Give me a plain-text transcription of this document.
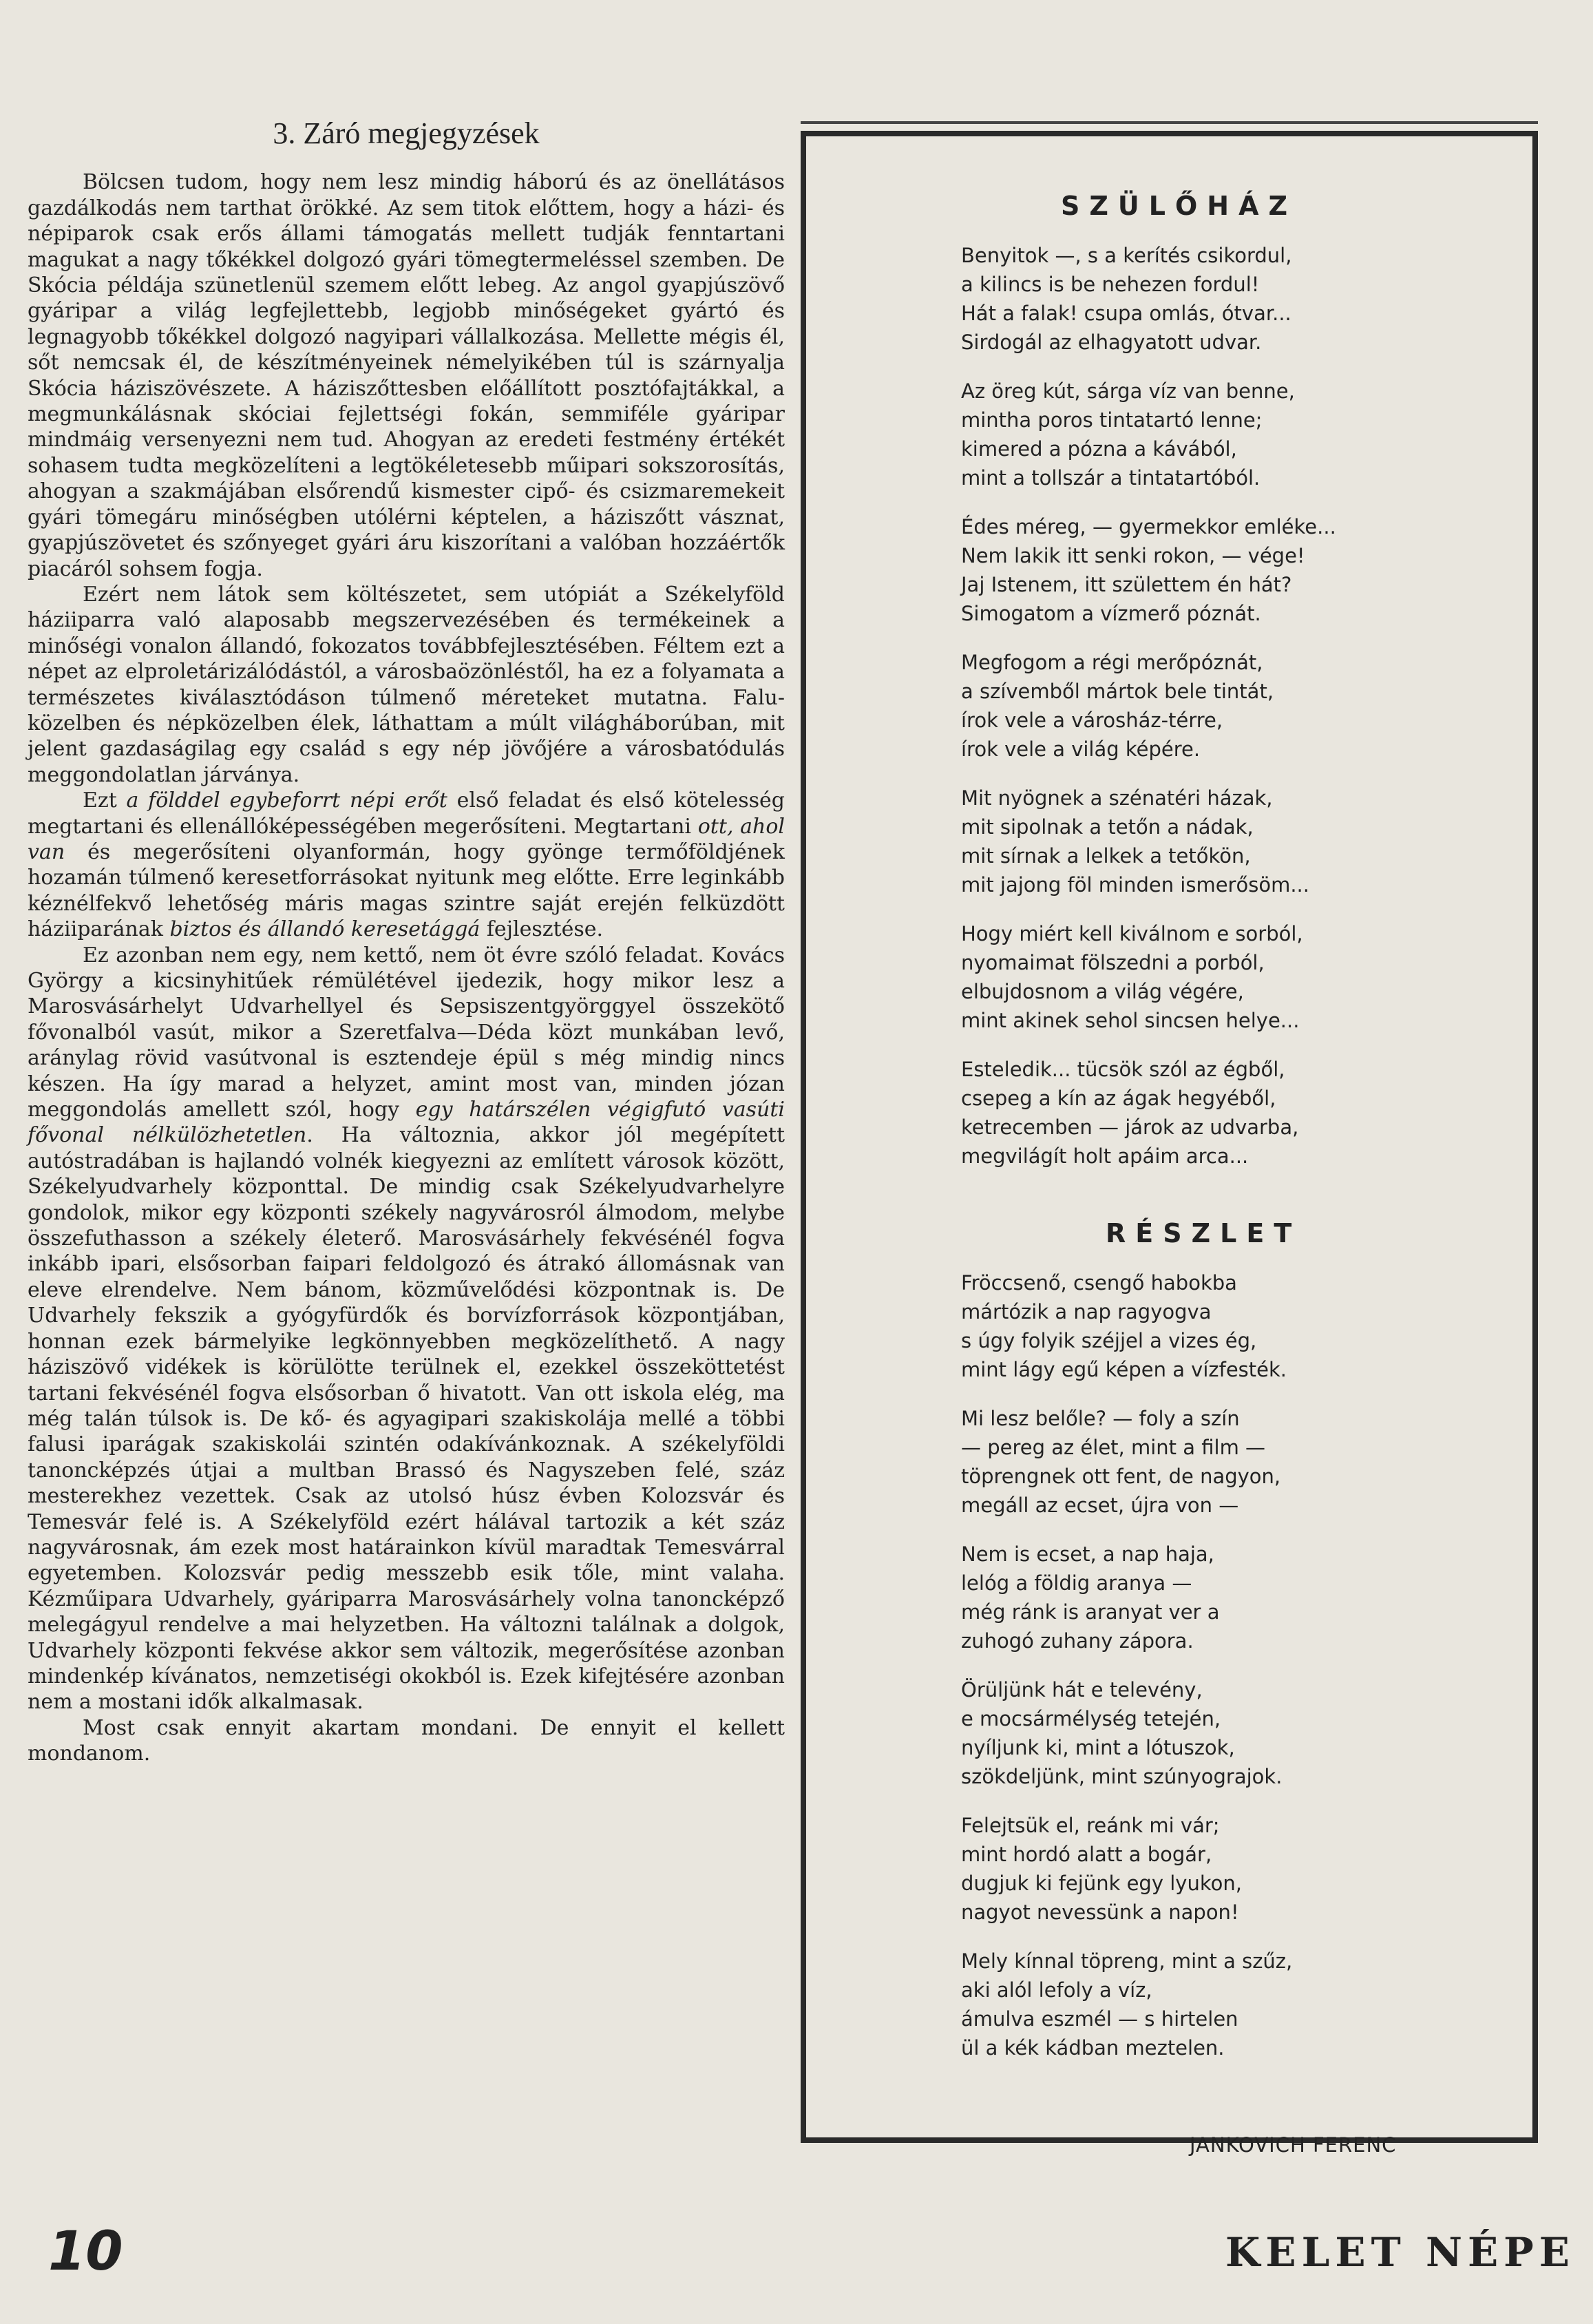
3. Záró megjegyzések

Bölcsen tudom, hogy nem lesz mindig háború és az önellátásos gazdálkodás nem tarthat örökké. Az sem titok előttem, hogy a házi- és népiparok csak erős állami támogatás mellett tudják fenntartani magukat a nagy tőkékkel dolgozó gyári tömegtermeléssel szemben. De Skócia példája szünetlenül szemem előtt lebeg. Az angol gyapjúszövő gyáripar a világ legfejlettebb, legjobb minőségeket gyártó és legnagyobb tőkékkel dolgozó nagyipari vállalkozása. Mellette mégis él, sőt nemcsak él, de készítményeinek némelyikében túl is szárnyalja Skócia háziszövészete. A háziszőttesben előállított posztófajtákkal, a megmunkálásnak skóciai fejlettségi fokán, semmiféle gyáripar mindmáig versenyezni nem tud. Ahogyan az eredeti festmény értékét sohasem tudta megközelíteni a legtökéletesebb műipari sokszorosítás, ahogyan a szakmájában elsőrendű kismester cipő- és csizmaremekeit gyári tömegáru minőségben utólérni képtelen, a háziszőtt vásznat, gyapjúszövetet és szőnyeget gyári áru kiszorítani a valóban hozzáértők piacáról sohsem fogja.

Ezért nem látok sem költészetet, sem utópiát a Székelyföld háziiparra való alaposabb megszervezésében és termékeinek a minőségi vonalon állandó, fokozatos továbbfejlesztésében. Féltem ezt a népet az elproletárizálódástól, a városbaözönléstől, ha ez a folyamata a természetes kiválasztódáson túlmenő méreteket mutatna. Falu-közelben és népközelben élek, láthattam a múlt világháborúban, mit jelent gazdaságilag egy család s egy nép jövőjére a városbatódulás meggondolatlan járványa.

Ezt a földdel egybeforrt népi erőt első feladat és első kötelesség megtartani és ellenállóképességében megerősíteni. Megtartani ott, ahol van és megerősíteni olyanformán, hogy gyönge termőföldjének hozamán túlmenő keresetforrásokat nyitunk meg előtte. Erre leginkább kéznélfekvő lehetőség máris magas szintre saját erején felküzdött háziiparának biztos és állandó keresetággá fejlesztése.

Ez azonban nem egy, nem kettő, nem öt évre szóló feladat. Kovács György a kicsinyhitűek rémülétével ijedezik, hogy mikor lesz a Marosvásárhelyt Udvarhellyel és Sepsiszentgyörggyel összekötő fővonalból vasút, mikor a Szeretfalva—Déda közt munkában levő, aránylag rövid vasútvonal is esztendeje épül s még mindig nincs készen. Ha így marad a helyzet, amint most van, minden józan meggondolás amellett szól, hogy egy határszélen végigfutó vasúti fővonal nélkülözhetetlen. Ha változnia, akkor jól megépített autóstradában is hajlandó volnék kiegyezni az említett városok között, Székelyudvarhely központtal. De mindig csak Székelyudvarhelyre gondolok, mikor egy központi székely nagyvárosról álmodom, melybe összefuthasson a székely életerő. Marosvásárhely fekvésénél fogva inkább ipari, elsősorban faipari feldolgozó és átrakó állomásnak van eleve elrendelve. Nem bánom, közművelődési központnak is. De Udvarhely fekszik a gyógyfürdők és borvízforrások központjában, honnan ezek bármelyike legkönnyebben megközelíthető. A nagy háziszövő vidékek is körülötte terülnek el, ezekkel összeköttetést tartani fekvésénél fogva elsősorban ő hivatott. Van ott iskola elég, ma még talán túlsok is. De kő- és agyagipari szakiskolája mellé a többi falusi iparágak szakiskolái szintén odakívánkoznak. A székelyföldi tanoncképzés útjai a multban Brassó és Nagyszeben felé, száz mesterekhez vezettek. Csak az utolsó húsz évben Kolozsvár és Temesvár felé is. A Székelyföld ezért hálával tartozik a két száz nagyvárosnak, ám ezek most határainkon kívül maradtak Temesvárral egyetemben. Kolozsvár pedig messzebb esik tőle, mint valaha. Kézműipara Udvarhely, gyáriparra Marosvásárhely volna tanoncképző melegágyul rendelve a mai helyzetben. Ha változni találnak a dolgok, Udvarhely központi fekvése akkor sem változik, megerősítése azonban mindenkép kívánatos, nemzetiségi okokból is. Ezek kifejtésére azonban nem a mostani idők alkalmasak.

Most csak ennyit akartam mondani. De ennyit el kellett mondanom.

SZÜLŐHÁZ
Benyitok —, s a kerítés csikordul,
a kilincs is be nehezen fordul!
Hát a falak! csupa omlás, ótvar...
Sirdogál az elhagyatott udvar.
Az öreg kút, sárga víz van benne,
mintha poros tintatartó lenne;
kimered a pózna a kávából,
mint a tollszár a tintatartóból.
Édes méreg, — gyermekkor emléke...
Nem lakik itt senki rokon, — vége!
Jaj Istenem, itt születtem én hát?
Simogatom a vízmerő póznát.
Megfogom a régi merőpóznát,
a szívemből mártok bele tintát,
írok vele a városház-térre,
írok vele a világ képére.
Mit nyögnek a szénatéri házak,
mit sipolnak a tetőn a nádak,
mit sírnak a lelkek a tetőkön,
mit jajong föl minden ismerősöm...
Hogy miért kell kiválnom e sorból,
nyomaimat fölszedni a porból,
elbujdosnom a világ végére,
mint akinek sehol sincsen helye...
Esteledik... tücsök szól az égből,
csepeg a kín az ágak hegyéből,
ketrecemben — járok az udvarba,
megvilágít holt apáim arca...
RÉSZLET
Fröccsenő, csengő habokba
mártózik a nap ragyogva
s úgy folyik széjjel a vizes ég,
mint lágy egű képen a vízfesték.
Mi lesz belőle? — foly a szín
— pereg az élet, mint a film —
töprengnek ott fent, de nagyon,
megáll az ecset, újra von —
Nem is ecset, a nap haja,
lelóg a földig aranya —
még ránk is aranyat ver a
zuhogó zuhany zápora.
Örüljünk hát e televény,
e mocsármélység tetején,
nyíljunk ki, mint a lótuszok,
szökdeljünk, mint szúnyograjok.
Felejtsük el, reánk mi vár;
mint hordó alatt a bogár,
dugjuk ki fejünk egy lyukon,
nagyot nevessünk a napon!
Mely kínnal töpreng, mint a szűz,
aki alól lefoly a víz,
ámulva eszmél — s hirtelen
ül a kék kádban meztelen.
JANKOVICH FERENC
10	KELET NÉPE
